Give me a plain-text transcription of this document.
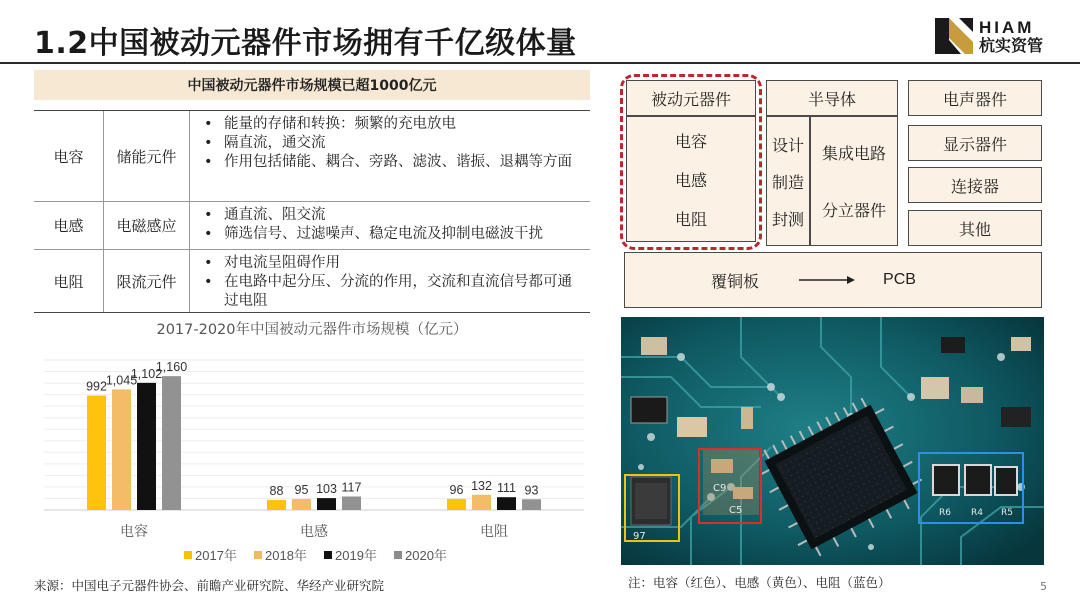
1.2中国被动元器件市场拥有千亿级体量	HIAM
杭实资管
中国被动元器件市场规模已超1000亿元
电容	储能元件
• 能量的存储和转换：频繁的充电放电
• 隔直流，通交流
• 作用包括储能、耦合、旁路、滤波、谐振、退耦等方面
电感	电磁感应
• 通直流、阻交流
• 筛选信号、过滤噪声、稳定电流及抑制电磁波干扰
电阻	限流元件
• 对电流呈阻碍作用
• 在电路中起分压、分流的作用，交流和直流信号都可通过电阻
2017-2020年中国被动元器件市场规模（亿元）
992
1,045
1,102
1,160
电容
88 95 103 117
电感
96 132 111 93
电阻
2017年 2018年 2019年 2020年
来源：中国电子元器件协会、前瞻产业研究院、华经产业研究院
被动元器件
电容
电感
电阻
半导体
设计
制造
封测
集成电路
分立器件
电声器件
显示器件
连接器
其他
覆铜板	PCB
C9
C5
97
R6 R4 R5
注：电容（红色）、电感（黄色）、电阻（蓝色）	5
